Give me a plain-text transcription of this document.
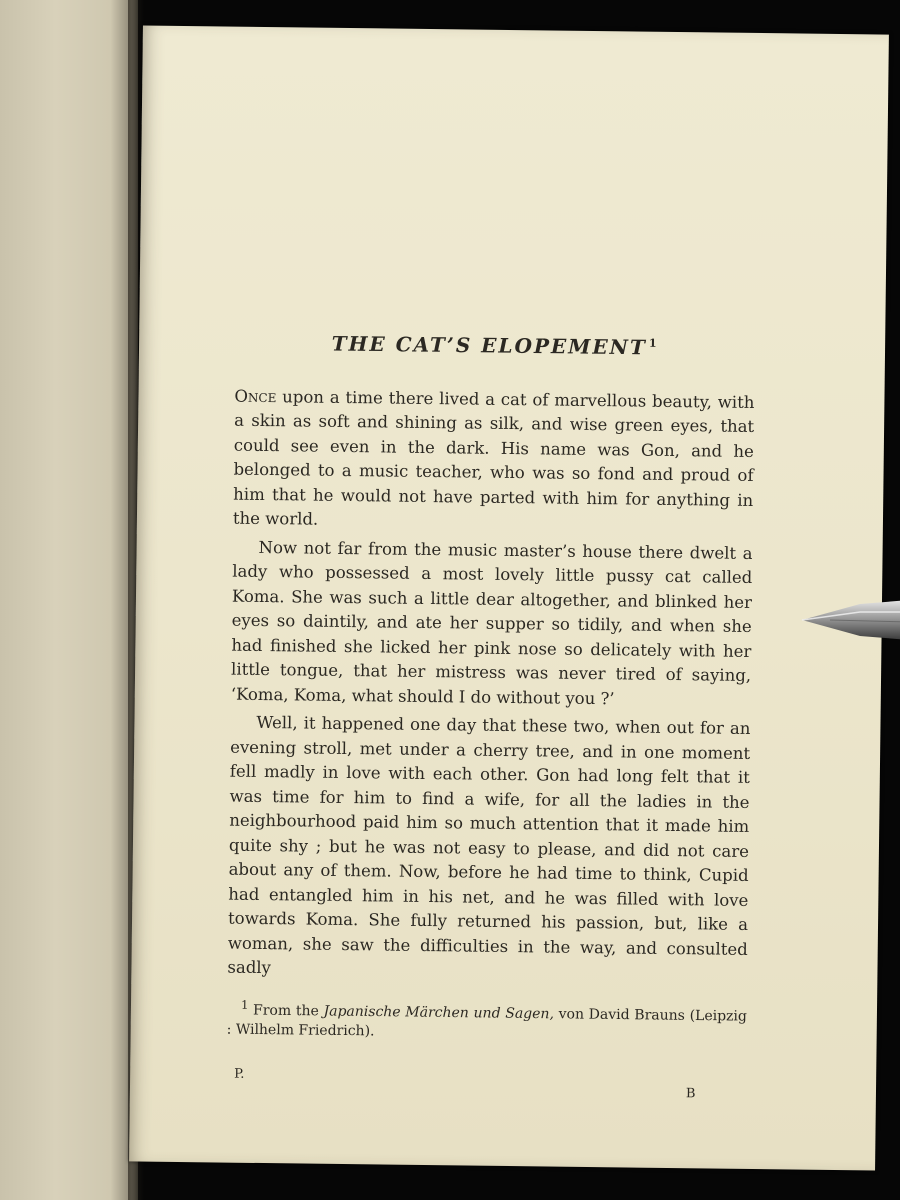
THE CAT’S ELOPEMENT $^1$

Once upon a time there lived a cat of marvellous beauty, with a skin as soft and shining as silk, and wise green eyes, that could see even in the dark. His name was Gon, and he belonged to a music teacher, who was so fond and proud of him that he would not have parted with him for anything in the world.

Now not far from the music master’s house there dwelt a lady who possessed a most lovely little pussy cat called Koma. She was such a little dear altogether, and blinked her eyes so daintily, and ate her supper so tidily, and when she had finished she licked her pink nose so delicately with her little tongue, that her mistress was never tired of saying, ‘Koma, Koma, what should I do without you ?’

Well, it happened one day that these two, when out for an evening stroll, met under a cherry tree, and in one moment fell madly in love with each other. Gon had long felt that it was time for him to find a wife, for all the ladies in the neighbourhood paid him so much attention that it made him quite shy ; but he was not easy to please, and did not care about any of them. Now, before he had time to think, Cupid had entangled him in his net, and he was filled with love towards Koma. She fully returned his passion, but, like a woman, she saw the difficulties in the way, and consulted sadly

$^1$ From the Japanische Märchen und Sagen, von David Brauns (Leipzig : Wilhelm Friedrich).

P.
B
